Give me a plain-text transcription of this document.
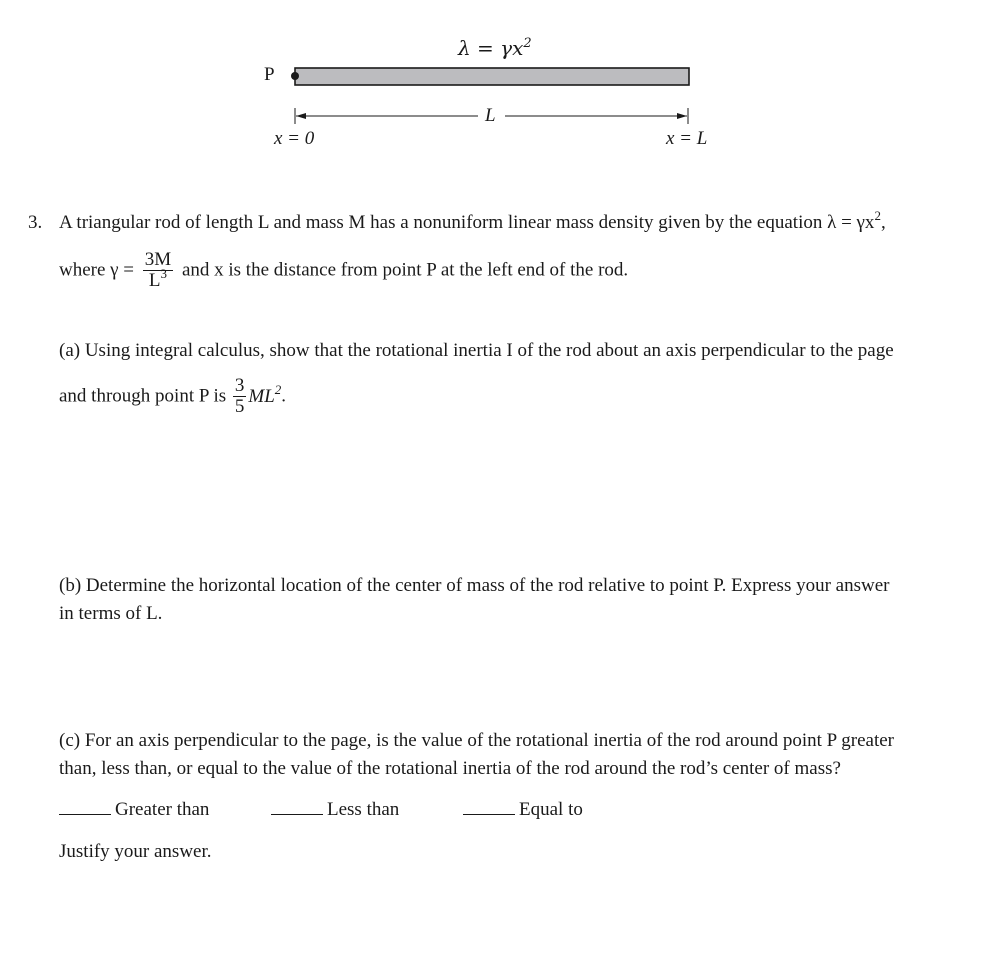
$\lambda = \gamma x^2$
P
L
x = 0	x = L
3. A triangular rod of length L and mass M has a nonuniform linear mass density given by the equation $\lambda = \gamma x^2$,
where $\gamma = \frac{3M}{L^3}$ and x is the distance from point P at the left end of the rod.
(a) Using integral calculus, show that the rotational inertia I of the rod about an axis perpendicular to the page
and through point P is $\frac{3}{5} ML^2$.
(b) Determine the horizontal location of the center of mass of the rod relative to point P. Express your answer
in terms of L.
(c) For an axis perpendicular to the page, is the value of the rotational inertia of the rod around point P greater
than, less than, or equal to the value of the rotational inertia of the rod around the rod’s center of mass?
Greater than	Less than	Equal to
Justify your answer.
